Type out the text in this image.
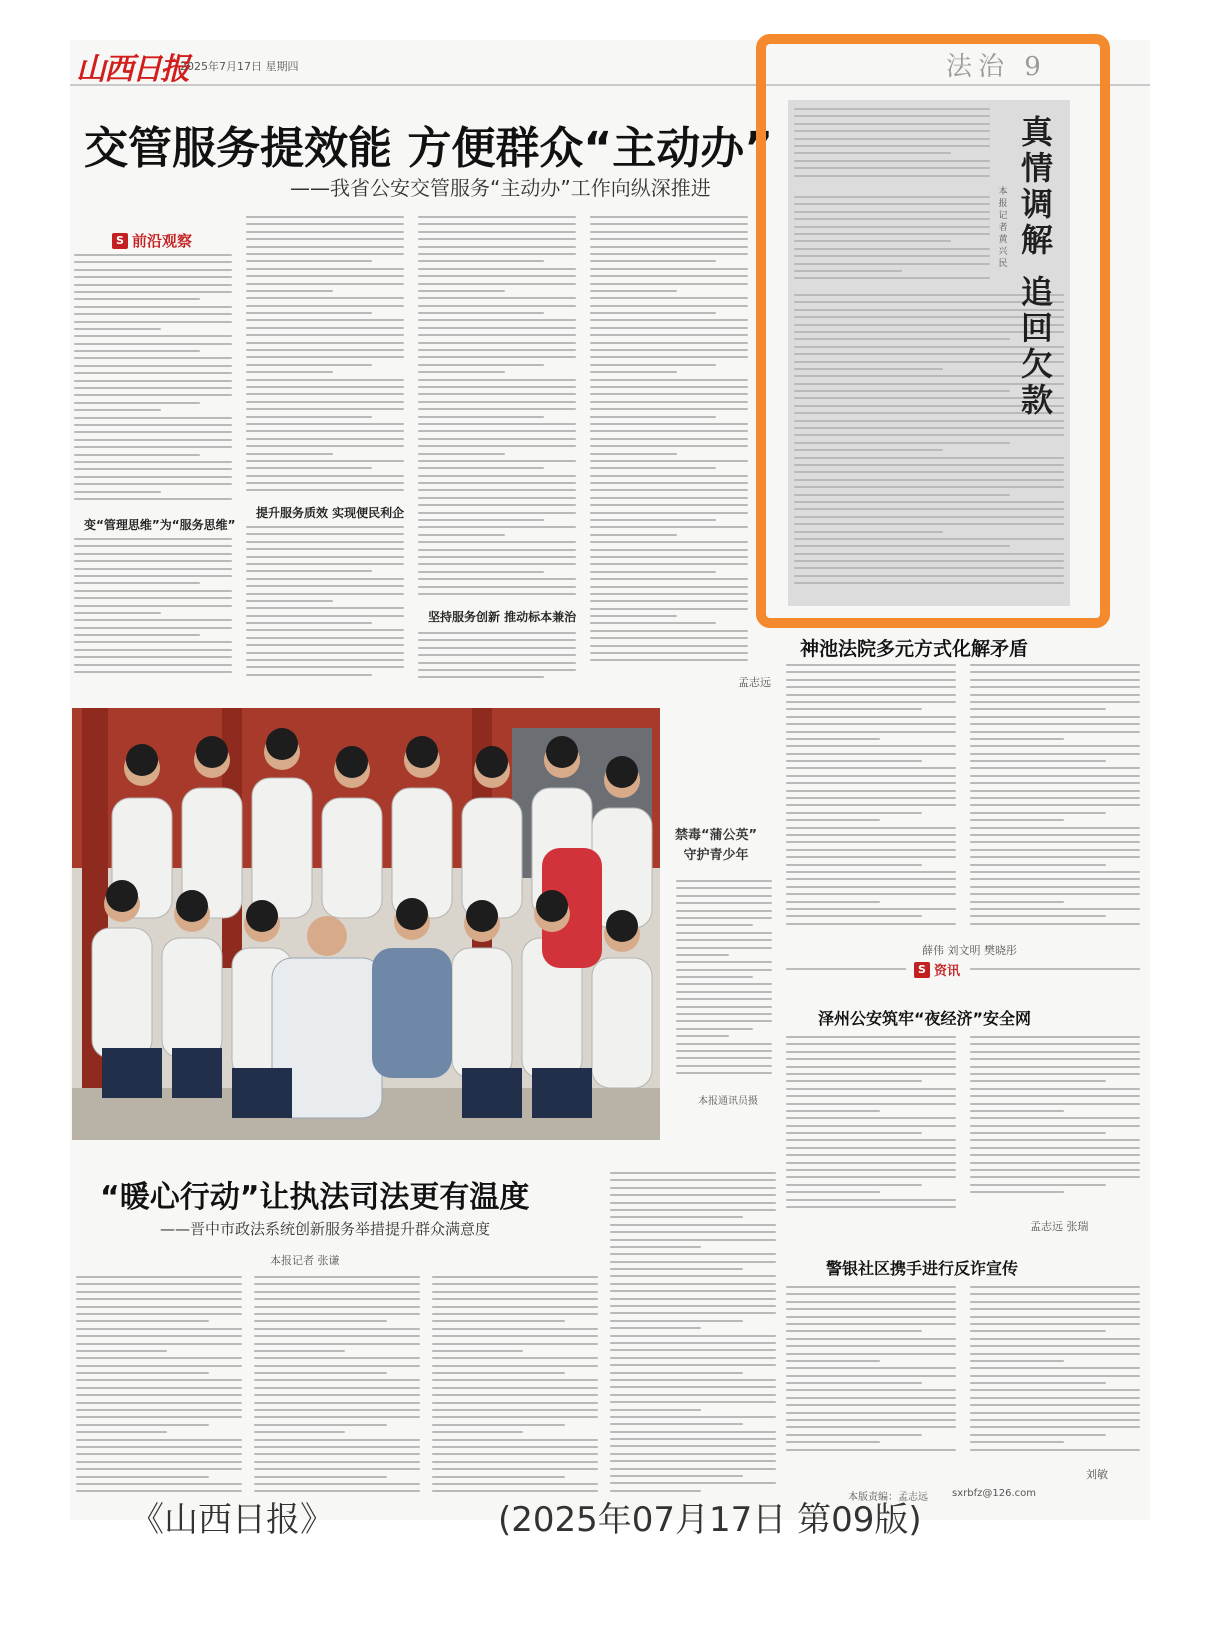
山西日报
2025年7月17日 星期四	法治 9
交管服务提效能 方便群众“主动办”
——我省公安交管服务“主动办”工作向纵深推进
S 前沿观察
变“管理思维”为“服务思维”
提升服务质效 实现便民利企
坚持服务创新 推动标本兼治
孟志远
禁毒“蒲公英”
守护青少年
本报通讯员摄
“暖心行动”让执法司法更有温度
——晋中市政法系统创新服务举措提升群众满意度
本报记者 张谦
神池法院多元方式化解矛盾
薛伟 刘文明 樊晓彤
S 资讯
泽州公安筑牢“夜经济”安全网
孟志远 张瑞
警银社区携手进行反诈宣传
刘敏
本版责编：孟志远 sxrbfz@126.com
真情调解
追回欠款
本报记者 黄兴民
《山西日报》	(2025年07月17日 第09版)
